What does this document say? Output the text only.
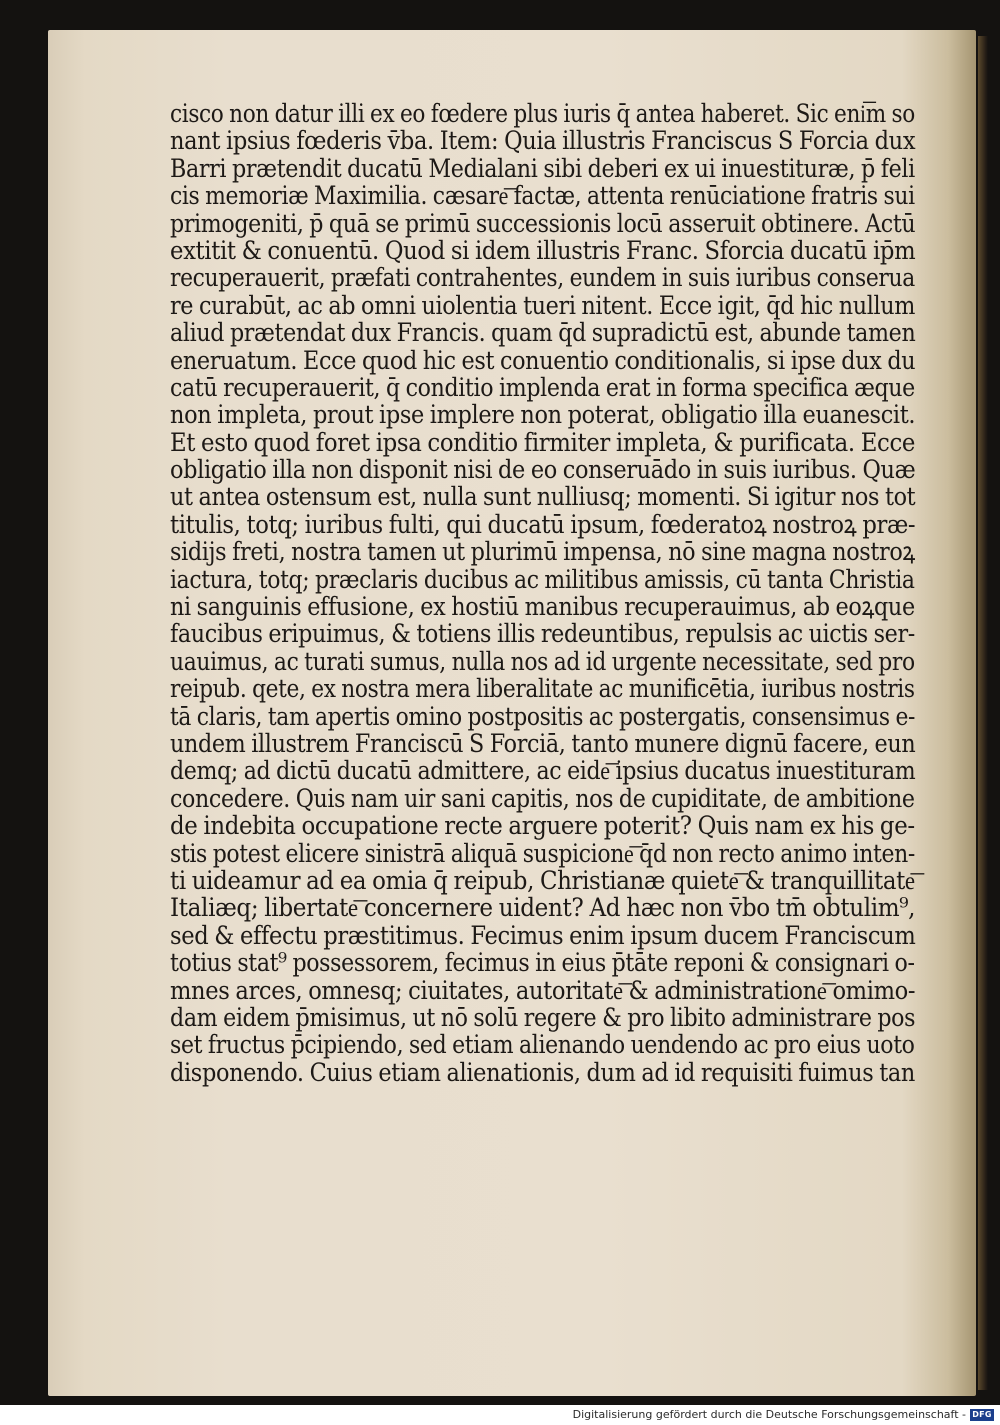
cisco non datur illi ex eo fœdere plus iuris q̄ antea haberet. Sic eni͞m so
nant ipsius fœderis v̄ba. Item: Quia illustris Franciscus S Forcia dux
Barri prætendit ducatū Medialani sibi deberi ex ui inuestituræ, p̄ feli
cis memoriæ Maximilia. cæsare͞ factæ, attenta renūciatione fratris sui
primogeniti, p̄ quā se primū successionis locū asseruit obtinere. Actū
extitit & conuentū. Quod si idem illustris Franc. Sforcia ducatū ip̄m
recuperauerit, præfati contrahentes, eundem in suis iuribus conserua
re curabūt, ac ab omni uiolentia tueri nitent. Ecce igit, q̄d hic nullum
aliud prætendat dux Francis. quam q̄d supradictū est, abunde tamen
eneruatum. Ecce quod hic est conuentio conditionalis, si ipse dux du
catū recuperauerit, q̄ conditio implenda erat in forma specifica æque
non impleta, prout ipse implere non poterat, obligatio illa euanescit.
Et esto quod foret ipsa conditio firmiter impleta, & purificata. Ecce
obligatio illa non disponit nisi de eo conseruādo in suis iuribus. Quæ
ut antea ostensum est, nulla sunt nulliusq; momenti. Si igitur nos tot
titulis, totq; iuribus fulti, qui ducatū ipsum, fœderatoꝝ nostroꝝ præ-
sidijs freti, nostra tamen ut plurimū impensa, nō sine magna nostroꝝ
iactura, totq; præclaris ducibus ac militibus amissis, cū tanta Christia
ni sanguinis effusione, ex hostiū manibus recuperauimus, ab eoꝝque
faucibus eripuimus, & totiens illis redeuntibus, repulsis ac uictis ser-
uauimus, ac turati sumus, nulla nos ad id urgente necessitate, sed pro
reipub. qete, ex nostra mera liberalitate ac munificētia, iuribus nostris
tā claris, tam apertis omino postpositis ac postergatis, consensimus e-
undem illustrem Franciscū S Forciā, tanto munere dignū facere, eun
demq; ad dictū ducatū admittere, ac eide͞ ipsius ducatus inuestituram
concedere. Quis nam uir sani capitis, nos de cupiditate, de ambitione
de indebita occupatione recte arguere poterit? Quis nam ex his ge-
stis potest elicere sinistrā aliquā suspicione͞ q̄d non recto animo inten-
ti uideamur ad ea omia q̄ reipub, Christianæ quiete͞ & tranquillitate͞
Italiæq; libertate͞ concernere uident? Ad hæc non v̄bo tm̄ obtulim⁹,
sed & effectu præstitimus. Fecimus enim ipsum ducem Franciscum
totius stat⁹ possessorem, fecimus in eius p̄tāte reponi & consignari o-
mnes arces, omnesq; ciuitates, autoritate͞ & administratione͞ omimo-
dam eidem p̄misimus, ut nō solū regere & pro libito administrare pos
set fructus p̄cipiendo, sed etiam alienando uendendo ac pro eius uoto
disponendo. Cuius etiam alienationis, dum ad id requisiti fuimus tan
Digitalisierung gefördert durch die Deutsche Forschungsgemeinschaft - DFG
